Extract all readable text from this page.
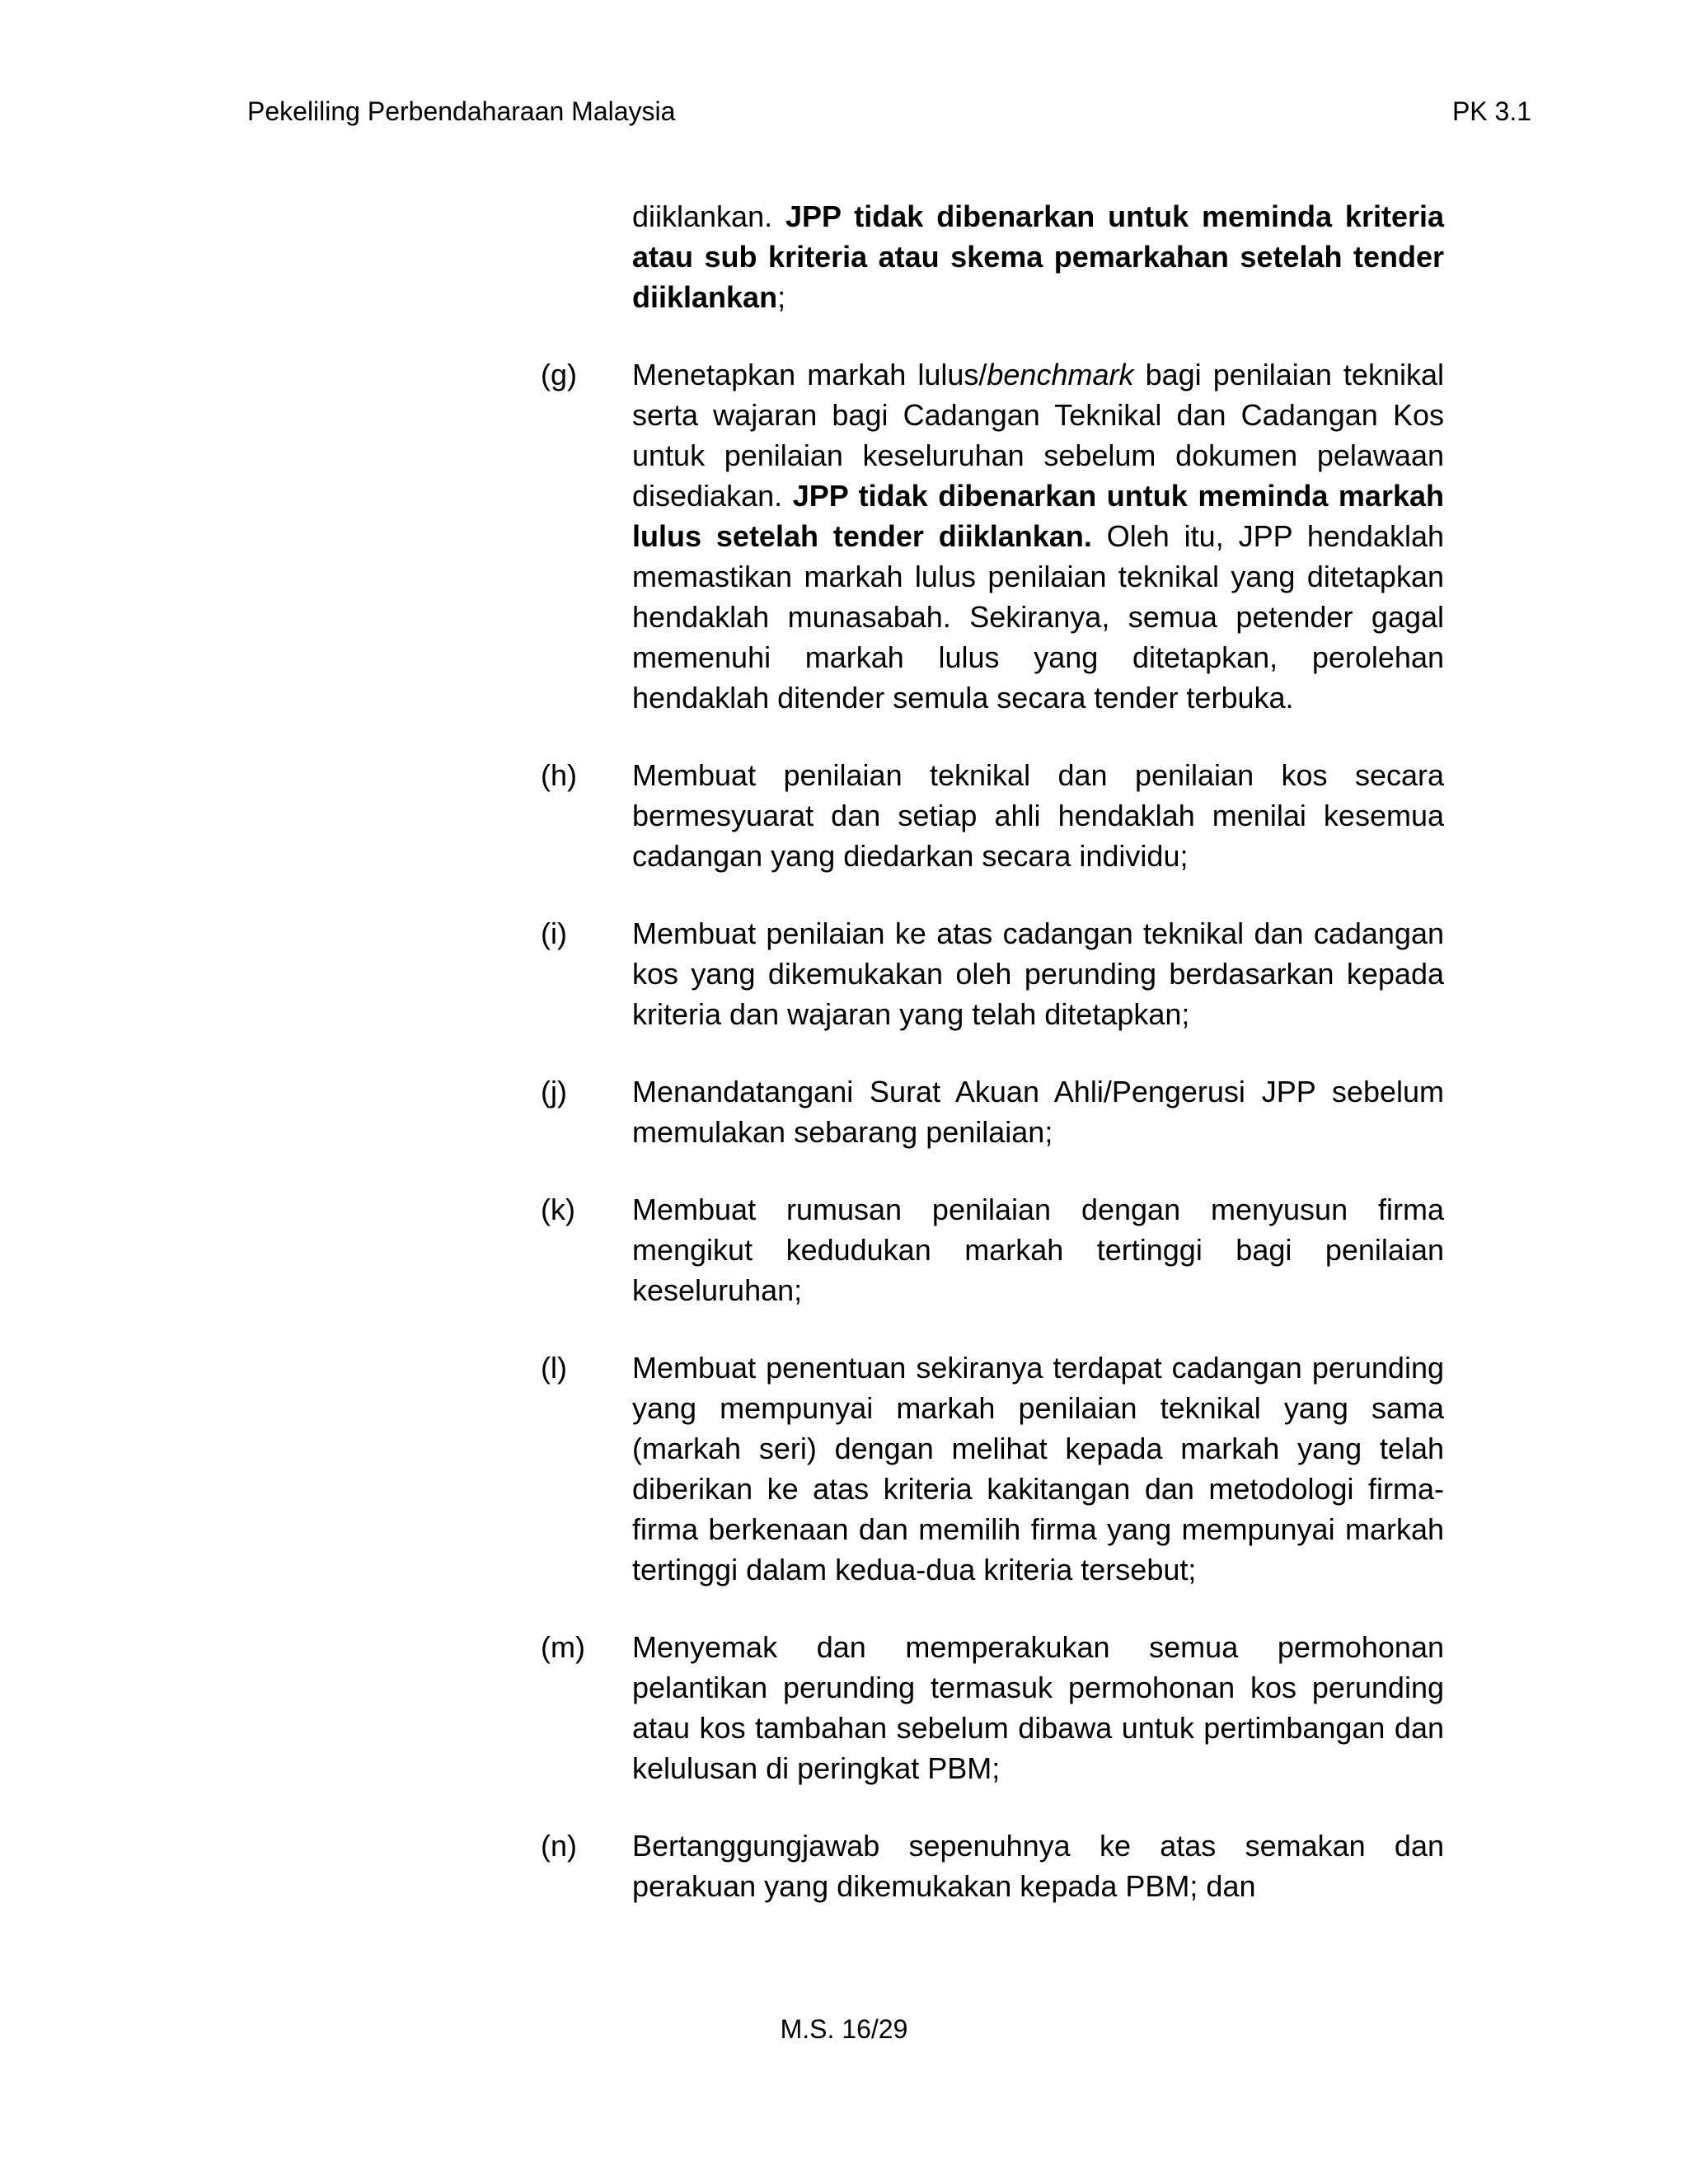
Pekeliling Perbendaharaan Malaysia	PK 3.1
diiklankan. JPP tidak dibenarkan untuk meminda kriteria atau sub kriteria atau skema pemarkahan setelah tender diiklankan;
(g)	Menetapkan markah lulus/benchmark bagi penilaian teknikal serta wajaran bagi Cadangan Teknikal dan Cadangan Kos untuk penilaian keseluruhan sebelum dokumen pelawaan disediakan. JPP tidak dibenarkan untuk meminda markah lulus setelah tender diiklankan. Oleh itu, JPP hendaklah memastikan markah lulus penilaian teknikal yang ditetapkan hendaklah munasabah. Sekiranya, semua petender gagal memenuhi markah lulus yang ditetapkan, perolehan hendaklah ditender semula secara tender terbuka.
(h)	Membuat penilaian teknikal dan penilaian kos secara bermesyuarat dan setiap ahli hendaklah menilai kesemua cadangan yang diedarkan secara individu;
(i)	Membuat penilaian ke atas cadangan teknikal dan cadangan kos yang dikemukakan oleh perunding berdasarkan kepada kriteria dan wajaran yang telah ditetapkan;
(j)	Menandatangani Surat Akuan Ahli/Pengerusi JPP sebelum memulakan sebarang penilaian;
(k)	Membuat rumusan penilaian dengan menyusun firma mengikut kedudukan markah tertinggi bagi penilaian keseluruhan;
(l)	Membuat penentuan sekiranya terdapat cadangan perunding yang mempunyai markah penilaian teknikal yang sama (markah seri) dengan melihat kepada markah yang telah diberikan ke atas kriteria kakitangan dan metodologi firma-firma berkenaan dan memilih firma yang mempunyai markah tertinggi dalam kedua-dua kriteria tersebut;
(m)	Menyemak dan memperakukan semua permohonan pelantikan perunding termasuk permohonan kos perunding atau kos tambahan sebelum dibawa untuk pertimbangan dan kelulusan di peringkat PBM;
(n)	Bertanggungjawab sepenuhnya ke atas semakan dan perakuan yang dikemukakan kepada PBM; dan
M.S. 16/29
